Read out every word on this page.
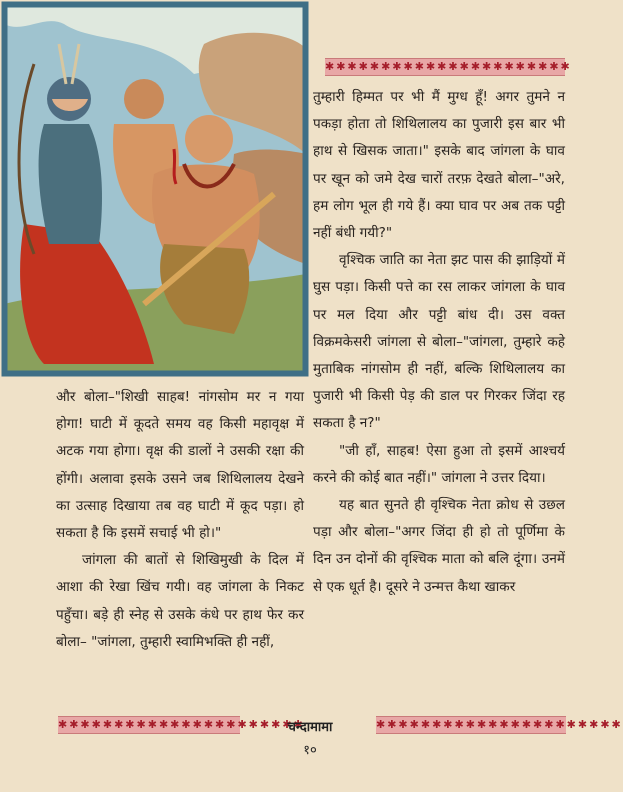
✱✱✱✱✱✱✱✱✱✱✱✱✱✱✱✱✱✱✱✱✱✱

तुम्हारी हिम्मत पर भी मैं मुग्ध हूँ! अगर तुमने न पकड़ा होता तो शिथिलालय का पुजारी इस बार भी हाथ से खिसक जाता।" इसके बाद जांगला के घाव पर खून को जमे देख चारों तरफ़ देखते बोला–"अरे, हम लोग भूल ही गये हैं। क्या घाव पर अब तक पट्टी नहीं बंधी गयी?"

वृश्चिक जाति का नेता झट पास की झाड़ियों में घुस पड़ा। किसी पत्ते का रस लाकर जांगला के घाव पर मल दिया और पट्टी बांध दी। उस वक्त विक्रमकेसरी जांगला से बोला–"जांगला, तुम्हारे कहे मुताबिक नांगसोम ही नहीं, बल्कि शिथिलालय का पुजारी भी किसी पेड़ की डाल पर गिरकर जिंदा रह सकता है न?"

"जी हाँ, साहब! ऐसा हुआ तो इसमें आश्चर्य करने की कोई बात नहीं।" जांगला ने उत्तर दिया।

यह बात सुनते ही वृश्चिक नेता क्रोध से उछल पड़ा और बोला–"अगर जिंदा ही हो तो पूर्णिमा के दिन उन दोनों की वृश्चिक माता को बलि दूंगा। उनमें से एक धूर्त है। दूसरे ने उन्मत्त कैथा खाकर

और बोला–"शिखी साहब! नांगसोम मर न गया होगा! घाटी में कूदते समय वह किसी महावृक्ष में अटक गया होगा। वृक्ष की डालों ने उसकी रक्षा की होंगी। अलावा इसके उसने जब शिथिलालय देखने का उत्साह दिखाया तब वह घाटी में कूद पड़ा। हो सकता है कि इसमें सचाई भी हो।"

जांगला की बातों से शिखिमुखी के दिल में आशा की रेखा खिंच गयी। वह जांगला के निकट पहुँचा। बड़े ही स्नेह से उसके कंधे पर हाथ फेर कर बोला– "जांगला, तुम्हारी स्वामिभक्ति ही नहीं,

✱✱✱✱✱✱✱✱✱✱✱✱✱✱✱✱✱✱✱✱✱✱
चन्दामामा	✱✱✱✱✱✱✱✱✱✱✱✱✱✱✱✱✱✱✱✱✱✱
१०
